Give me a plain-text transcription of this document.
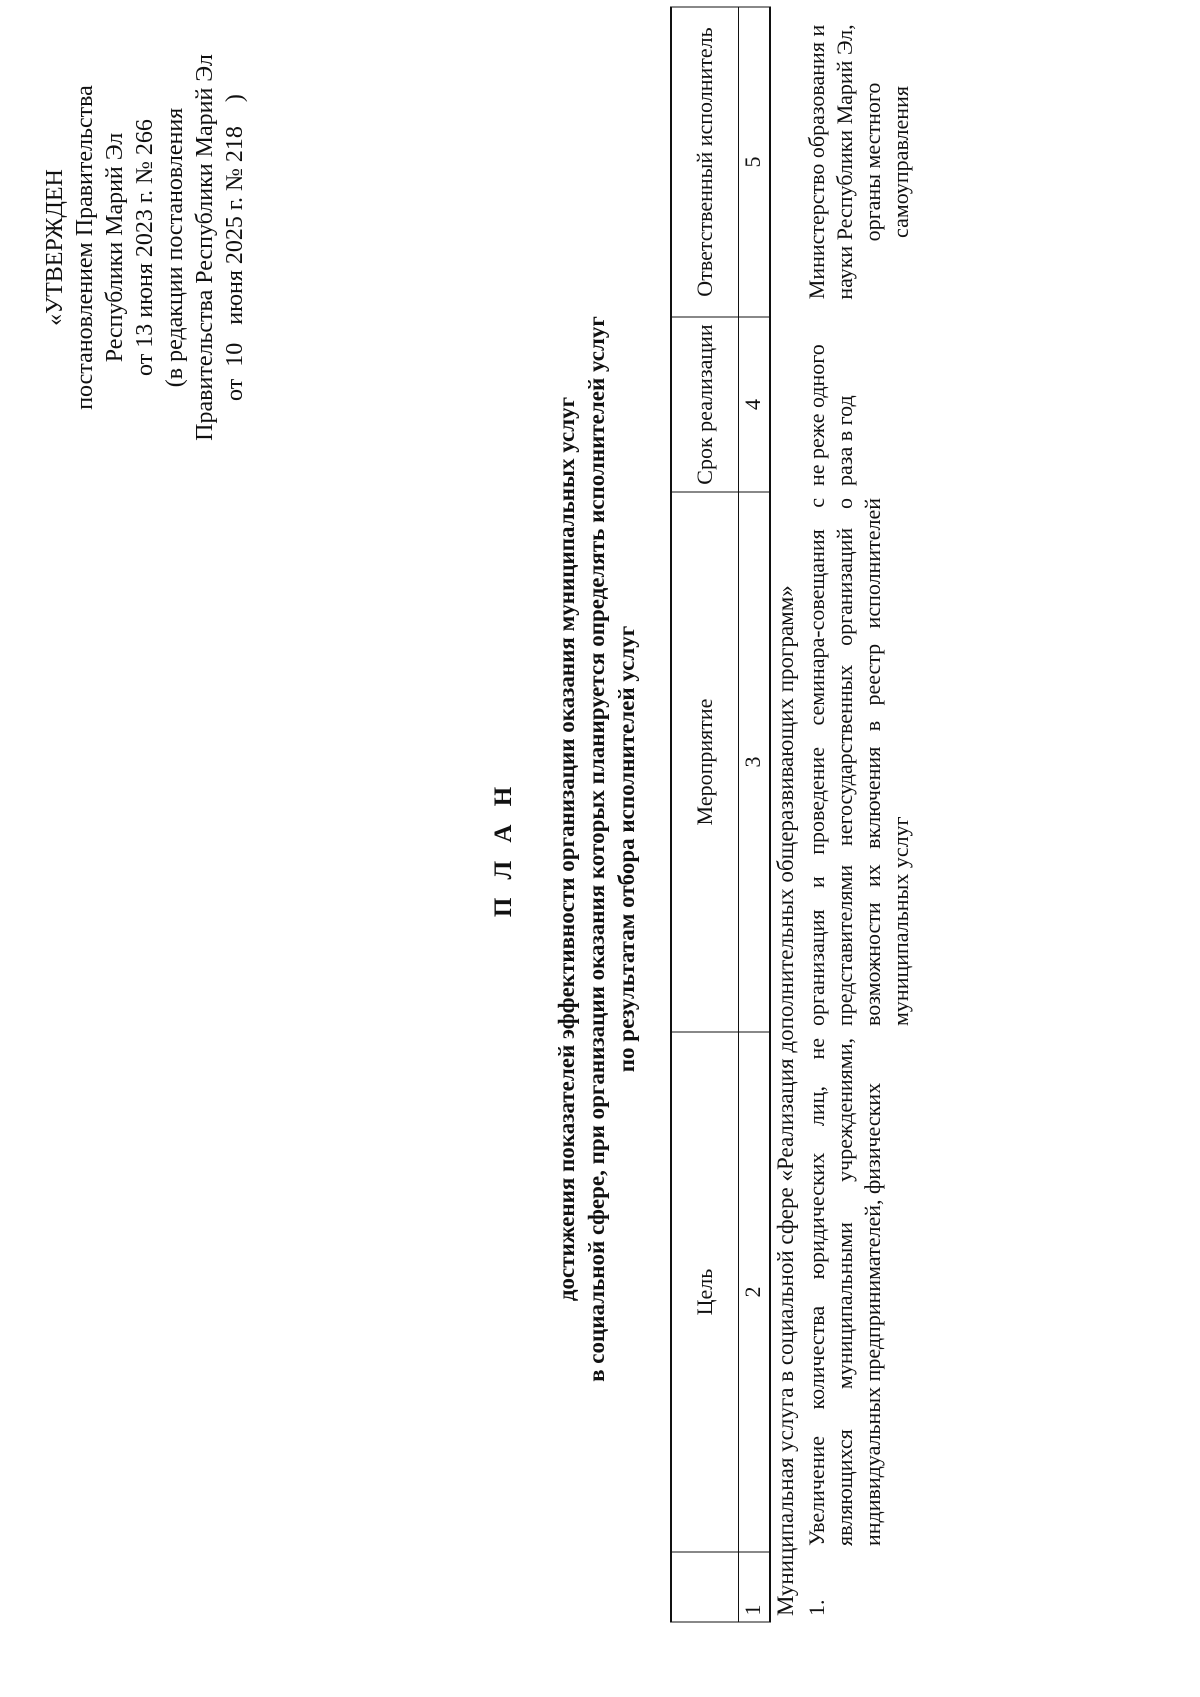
«УТВЕРЖДЕН постановлением Правительства Республики Марий Эл от 13 июня 2023 г. № 266 (в редакции постановления Правительства Республики Марий Эл от  10   июня 2025 г. № 218    )
П Л А Н достижения показателей эффективности организации оказания муниципальных услуг в социальной сфере, при организации оказания которых планируется определять исполнителей услуг по результатам отбора исполнителей услуг
	Цель	Мероприятие	Срок реализации	Ответственный исполнитель
1	2	3	4	5
Муниципальная услуга в социальной сфере «Реализация дополнительных общеразвивающих программ»				
1.	Увеличение количества юридических лиц, не являющихся муниципальными учреждениями, индивидуальных предпринимателей, физических	организация и проведение семинара-совещания с представителями негосударственных организаций о возможности их включения в реестр исполнителей муниципальных услуг	не реже одного раза в год	Министерство образования и науки Республики Марий Эл, органы местного самоуправления
